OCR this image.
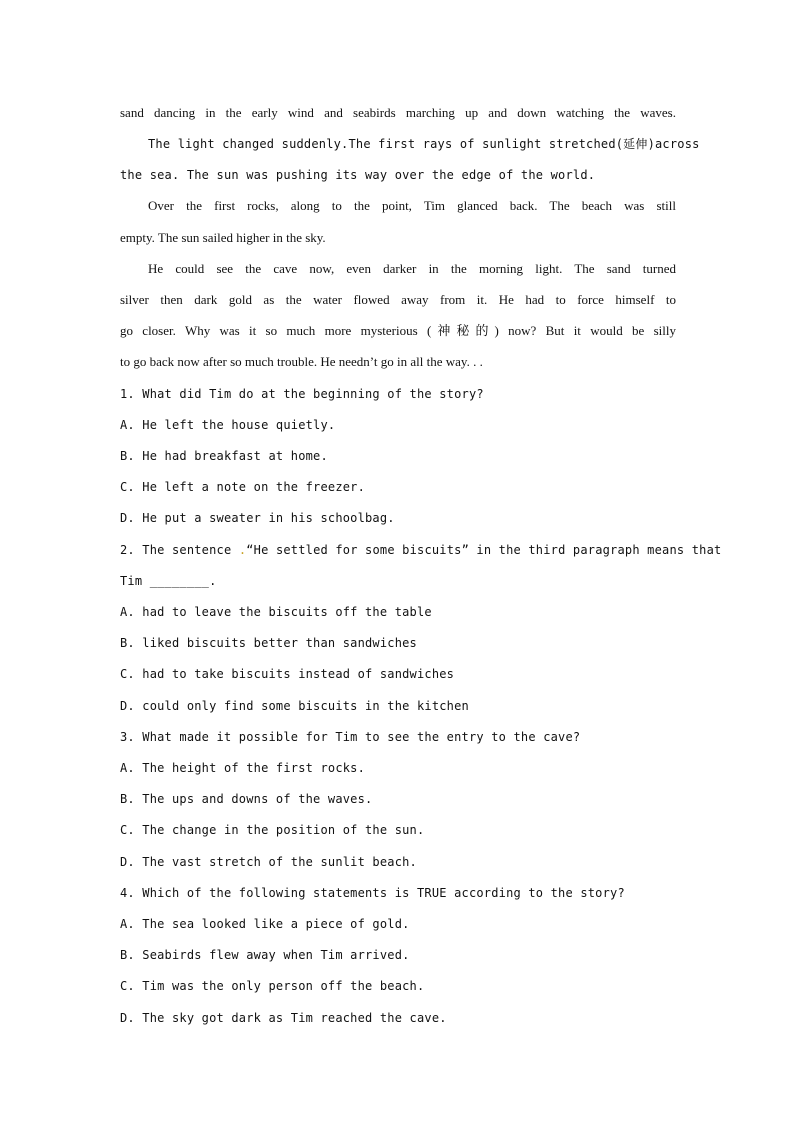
sand dancing in the early wind and seabirds marching up and down watching the waves.
The light changed suddenly.The first rays of sunlight stretched(延伸)across
the sea. The sun was pushing its way over the edge of the world.
Over the first rocks, along to the point, Tim glanced back. The beach was still
empty. The sun sailed higher in the sky.
He could see the cave now, even darker in the morning light. The sand turned
silver then dark gold as the water flowed away from it. He had to force himself to
go closer. Why was it so much more mysterious (神秘的) now? But it would be silly
to go back now after so much trouble. He needn’t go in all the way. . .
1. What did Tim do at the beginning of the story?
A. He left the house quietly.
B. He had breakfast at home.
C. He left a note on the freezer.
D. He put a sweater in his schoolbag.
2. The sentence .“He settled for some biscuits” in the third paragraph means that
Tim ________.
A. had to leave the biscuits off the table
B. liked biscuits better than sandwiches
C. had to take biscuits instead of sandwiches
D. could only find some biscuits in the kitchen
3. What made it possible for Tim to see the entry to the cave?
A. The height of the first rocks.
B. The ups and downs of the waves.
C. The change in the position of the sun.
D. The vast stretch of the sunlit beach.
4. Which of the following statements is TRUE according to the story?
A. The sea looked like a piece of gold.
B. Seabirds flew away when Tim arrived.
C. Tim was the only person off the beach.
D. The sky got dark as Tim reached the cave.
